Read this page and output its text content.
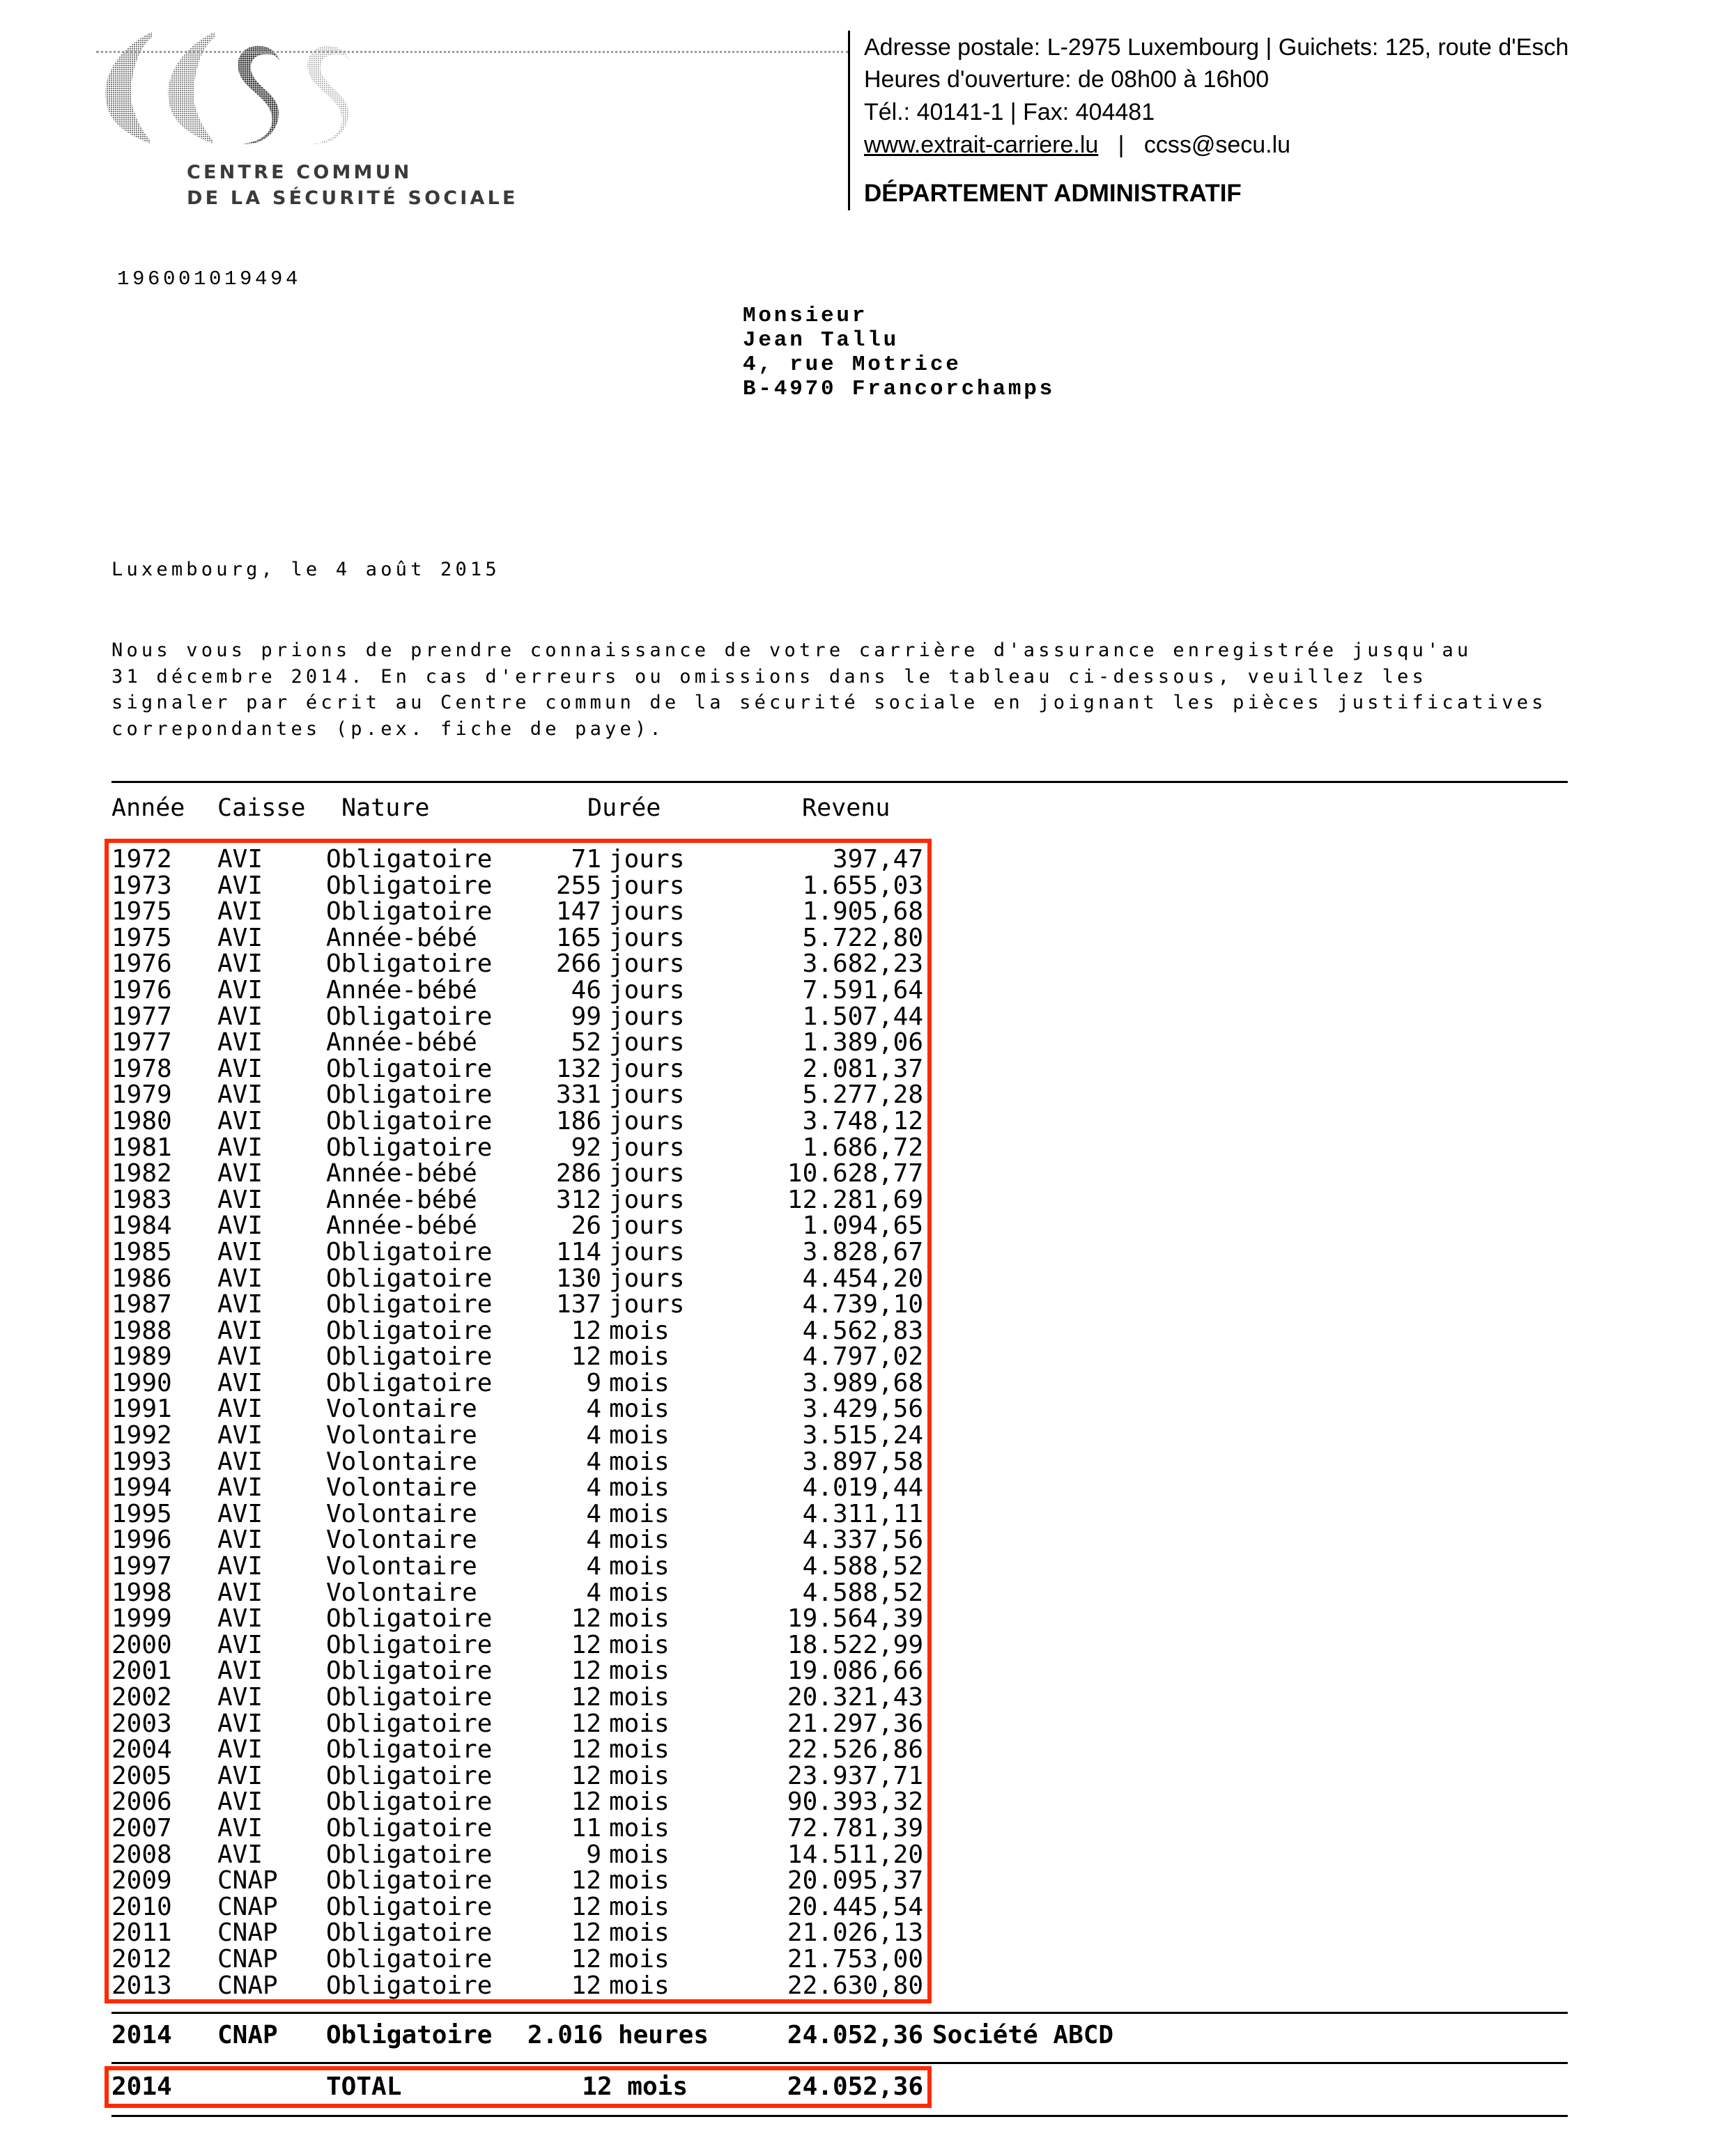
CENTRE COMMUN
DE LA SÉCURITÉ SOCIALE
Adresse postale: L-2975 Luxembourg | Guichets: 125, route d'Esch
Heures d'ouverture: de 08h00 à 16h00
Tél.: 40141-1 | Fax: 404481
www.extrait-carriere.lu | ccss@secu.lu
DÉPARTEMENT ADMINISTRATIF
196001019494
Monsieur
Jean Tallu
4, rue Motrice
B-4970 Francorchamps
Luxembourg, le 4 août 2015
Nous vous prions de prendre connaissance de votre carrière d'assurance enregistrée jusqu'au
31 décembre 2014. En cas d'erreurs ou omissions dans le tableau ci-dessous, veuillez les
signaler par écrit au Centre commun de la sécurité sociale en joignant les pièces justificatives
correpondantes (p.ex. fiche de paye).
Année Caisse Nature	Durée	Revenu
1972 AVI	Obligatoire	71 jours	397,47
1973 AVI	Obligatoire	255 jours	1.655,03
1975 AVI	Obligatoire	147 jours	1.905,68
1975 AVI	Année-bébé	165 jours	5.722,80
1976 AVI	Obligatoire	266 jours	3.682,23
1976 AVI	Année-bébé	46 jours	7.591,64
1977 AVI	Obligatoire	99 jours	1.507,44
1977 AVI	Année-bébé	52 jours	1.389,06
1978 AVI	Obligatoire	132 jours	2.081,37
1979 AVI	Obligatoire	331 jours	5.277,28
1980 AVI	Obligatoire	186 jours	3.748,12
1981 AVI	Obligatoire	92 jours	1.686,72
1982 AVI	Année-bébé	286 jours	10.628,77
1983 AVI	Année-bébé	312 jours	12.281,69
1984 AVI	Année-bébé	26 jours	1.094,65
1985 AVI	Obligatoire	114 jours	3.828,67
1986 AVI	Obligatoire	130 jours	4.454,20
1987 AVI	Obligatoire	137 jours	4.739,10
1988 AVI	Obligatoire	12 mois	4.562,83
1989 AVI	Obligatoire	12 mois	4.797,02
1990 AVI	Obligatoire	9 mois	3.989,68
1991 AVI	Volontaire	4 mois	3.429,56
1992 AVI	Volontaire	4 mois	3.515,24
1993 AVI	Volontaire	4 mois	3.897,58
1994 AVI	Volontaire	4 mois	4.019,44
1995 AVI	Volontaire	4 mois	4.311,11
1996 AVI	Volontaire	4 mois	4.337,56
1997 AVI	Volontaire	4 mois	4.588,52
1998 AVI	Volontaire	4 mois	4.588,52
1999 AVI	Obligatoire	12 mois	19.564,39
2000 AVI	Obligatoire	12 mois	18.522,99
2001 AVI	Obligatoire	12 mois	19.086,66
2002 AVI	Obligatoire	12 mois	20.321,43
2003 AVI	Obligatoire	12 mois	21.297,36
2004 AVI	Obligatoire	12 mois	22.526,86
2005 AVI	Obligatoire	12 mois	23.937,71
2006 AVI	Obligatoire	12 mois	90.393,32
2007 AVI	Obligatoire	11 mois	72.781,39
2008 AVI	Obligatoire	9 mois	14.511,20
2009 CNAP Obligatoire	12 mois	20.095,37
2010 CNAP Obligatoire	12 mois	20.445,54
2011 CNAP Obligatoire	12 mois	21.026,13
2012 CNAP Obligatoire	12 mois	21.753,00
2013 CNAP Obligatoire	12 mois	22.630,80
2014 CNAP Obligatoire 2.016 heures	24.052,36 Société ABCD
2014	TOTAL	12 mois	24.052,36
